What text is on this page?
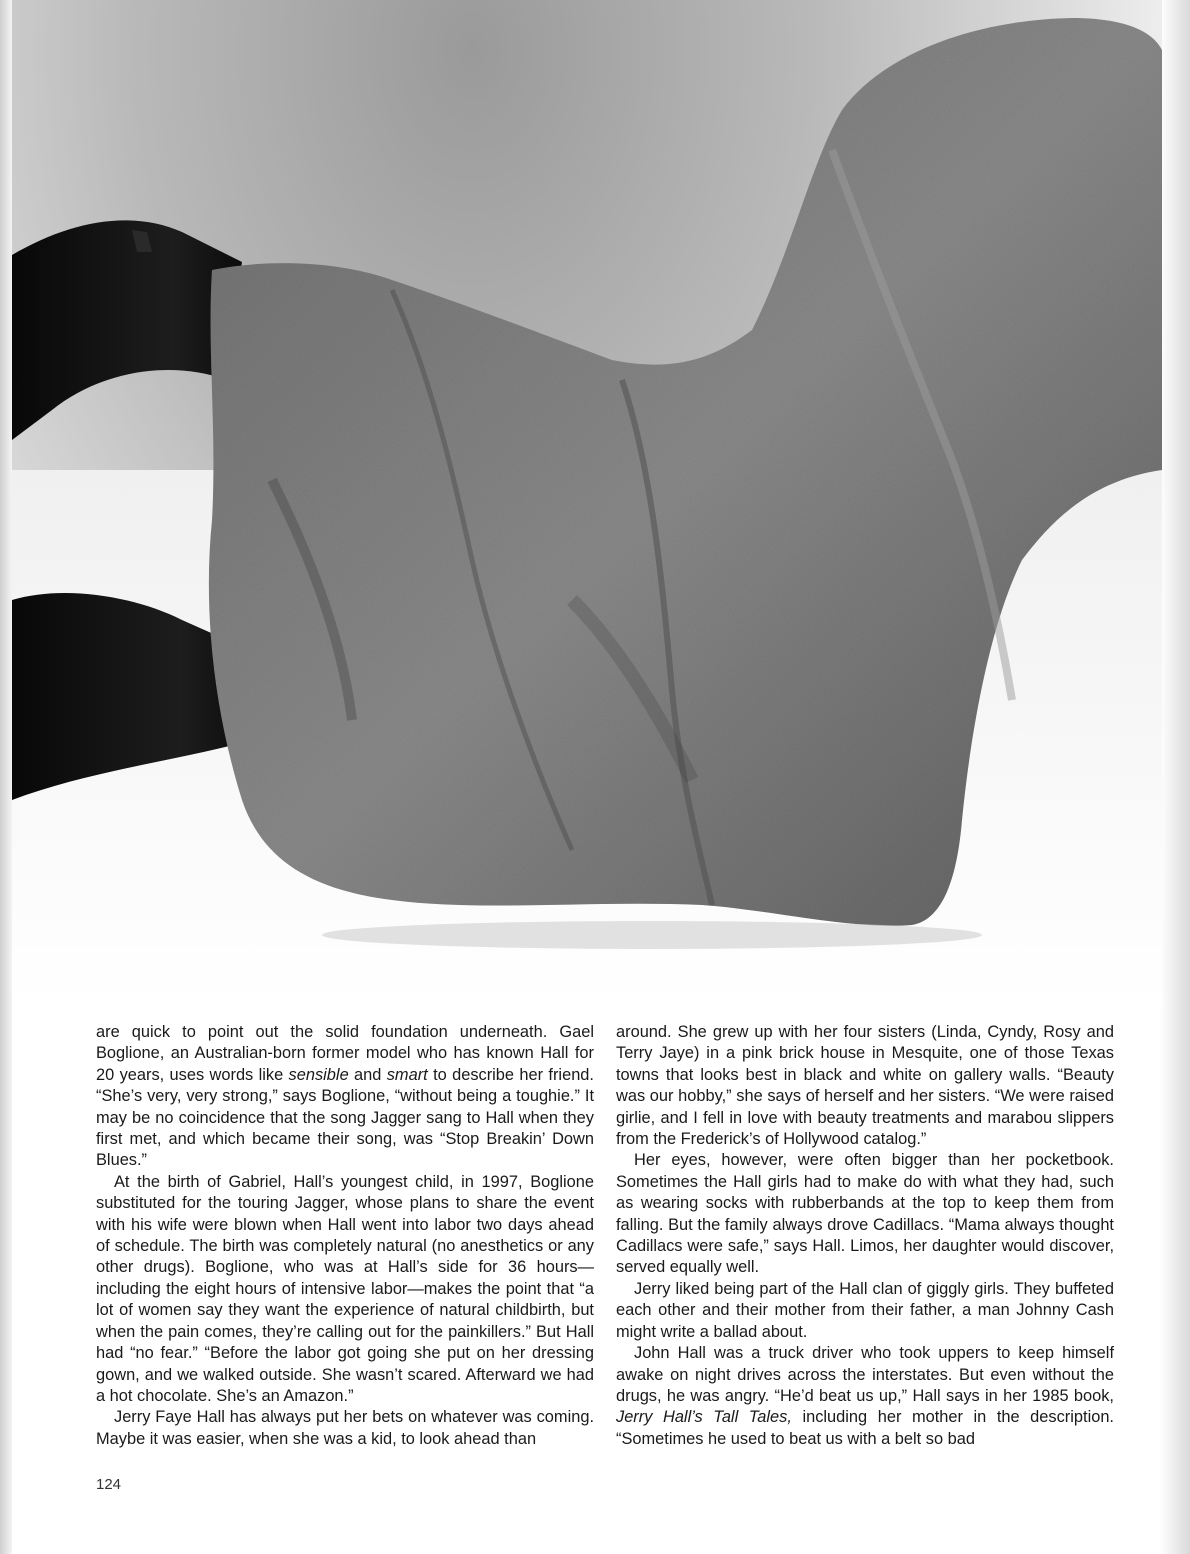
are quick to point out the solid foundation underneath. Gael Boglione, an Australian-born former model who has known Hall for 20 years, uses words like sensible and smart to describe her friend. “She’s very, very strong,” says Boglione, “without being a toughie.” It may be no coincidence that the song Jagger sang to Hall when they first met, and which became their song, was “Stop Breakin’ Down Blues.”

At the birth of Gabriel, Hall’s youngest child, in 1997, Boglione substituted for the touring Jagger, whose plans to share the event with his wife were blown when Hall went into labor two days ahead of schedule. The birth was completely natural (no anesthetics or any other drugs). Boglione, who was at Hall’s side for 36 hours—including the eight hours of intensive labor—makes the point that “a lot of women say they want the experience of natural childbirth, but when the pain comes, they’re calling out for the painkillers.” But Hall had “no fear.” “Before the labor got going she put on her dressing gown, and we walked outside. She wasn’t scared. Afterward we had a hot chocolate. She’s an Amazon.”

Jerry Faye Hall has always put her bets on whatever was coming. Maybe it was easier, when she was a kid, to look ahead than

around. She grew up with her four sisters (Linda, Cyndy, Rosy and Terry Jaye) in a pink brick house in Mesquite, one of those Texas towns that looks best in black and white on gallery walls. “Beauty was our hobby,” she says of herself and her sisters. “We were raised girlie, and I fell in love with beauty treatments and marabou slippers from the Frederick’s of Hollywood catalog.”

Her eyes, however, were often bigger than her pocketbook. Sometimes the Hall girls had to make do with what they had, such as wearing socks with rubberbands at the top to keep them from falling. But the family always drove Cadillacs. “Mama always thought Cadillacs were safe,” says Hall. Limos, her daughter would discover, served equally well.

Jerry liked being part of the Hall clan of giggly girls. They buffeted each other and their mother from their father, a man Johnny Cash might write a ballad about.

John Hall was a truck driver who took uppers to keep himself awake on night drives across the interstates. But even without the drugs, he was angry. “He’d beat us up,” Hall says in her 1985 book, Jerry Hall’s Tall Tales, including her mother in the description. “Sometimes he used to beat us with a belt so bad

124
